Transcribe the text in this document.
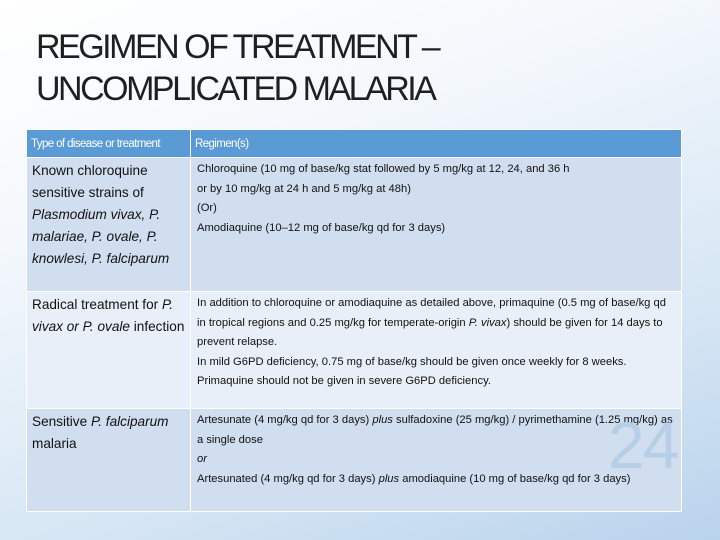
REGIMEN OF TREATMENT –
UNCOMPLICATED MALARIA
Type of disease or treatment	Regimen(s)
Known chloroquine sensitive strains of Plasmodium vivax, P. malariae, P. ovale, P. knowlesi, P. falciparum	Chloroquine (10 mg of base/kg stat followed by 5 mg/kg at 12, 24, and 36 h
or by 10 mg/kg at 24 h and 5 mg/kg at 48h)
(Or)
Amodiaquine (10–12 mg of base/kg qd for 3 days)

Radical treatment for P. vivax or P. ovale infection	In addition to chloroquine or amodiaquine as detailed above, primaquine (0.5 mg of base/kg qd in tropical regions and 0.25 mg/kg for temperate-origin P. vivax) should be given for 14 days to prevent relapse.
In mild G6PD deficiency, 0.75 mg of base/kg should be given once weekly for 8 weeks. Primaquine should not be given in severe G6PD deficiency.

Sensitive P. falciparum malaria	Artesunate (4 mg/kg qd for 3 days) plus sulfadoxine (25 mg/kg) / pyrimethamine (1.25 mg/kg) as a single dose
or
Artesunated (4 mg/kg qd for 3 days) plus amodiaquine (10 mg of base/kg qd for 3 days)
24
